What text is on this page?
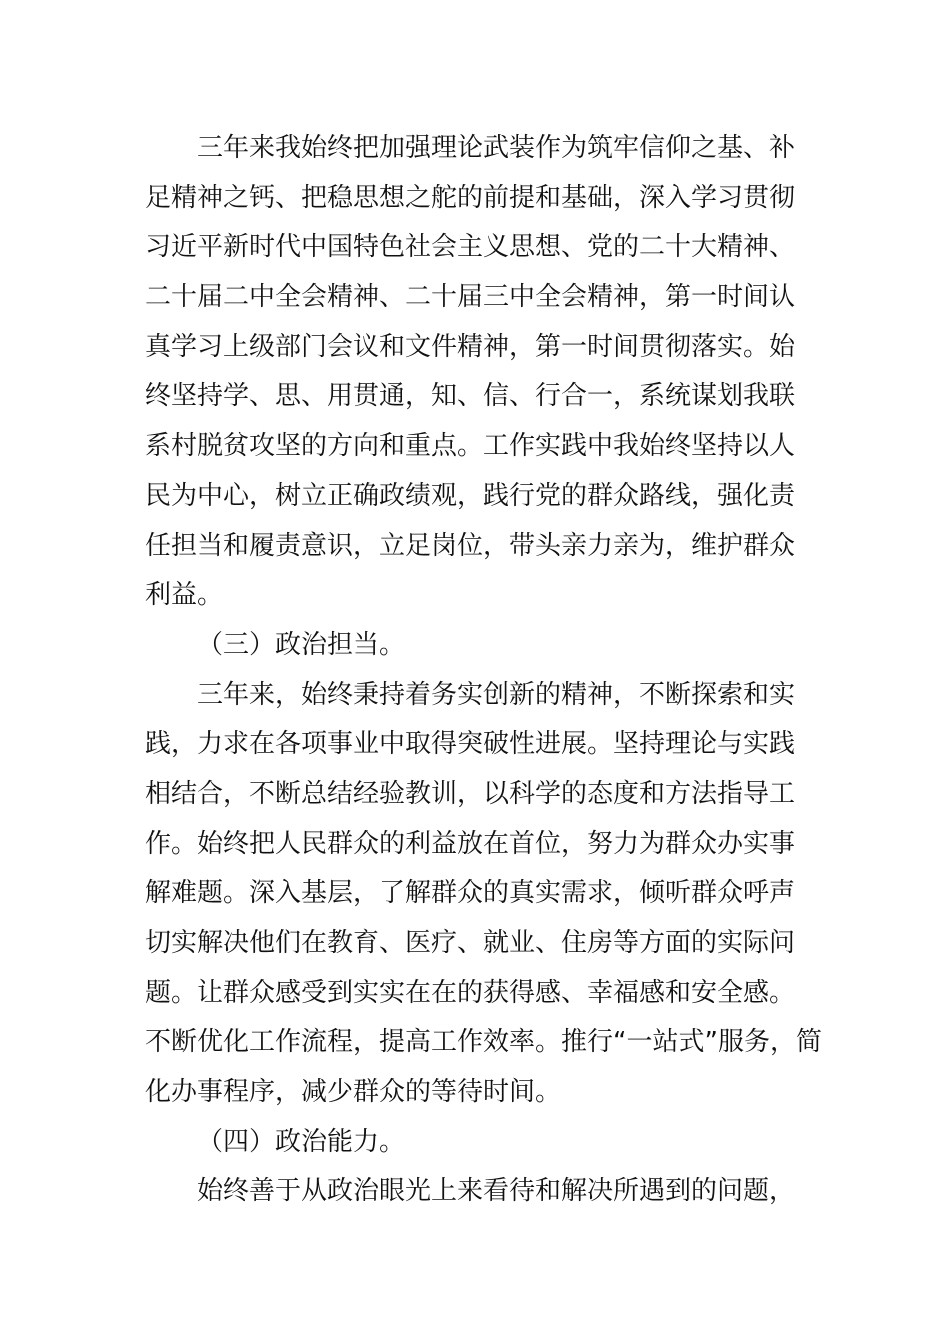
三年来我始终把加强理论武装作为筑牢信仰之基、补
足精神之钙、把稳思想之舵的前提和基础，深入学习贯彻
习近平新时代中国特色社会主义思想、党的二十大精神、
二十届二中全会精神、二十届三中全会精神，第一时间认
真学习上级部门会议和文件精神，第一时间贯彻落实。始
终坚持学、思、用贯通，知、信、行合一，系统谋划我联
系村脱贫攻坚的方向和重点。工作实践中我始终坚持以人
民为中心，树立正确政绩观，践行党的群众路线，强化责
任担当和履责意识，立足岗位，带头亲力亲为，维护群众
利益。
（三）政治担当。
三年来，始终秉持着务实创新的精神，不断探索和实
践，力求在各项事业中取得突破性进展。坚持理论与实践
相结合，不断总结经验教训，以科学的态度和方法指导工
作。始终把人民群众的利益放在首位，努力为群众办实事
解难题。深入基层，了解群众的真实需求，倾听群众呼声
切实解决他们在教育、医疗、就业、住房等方面的实际问
题。让群众感受到实实在在的获得感、幸福感和安全感。
不断优化工作流程，提高工作效率。推行“一站式”服务，简
化办事程序，减少群众的等待时间。
（四）政治能力。
始终善于从政治眼光上来看待和解决所遇到的问题，
